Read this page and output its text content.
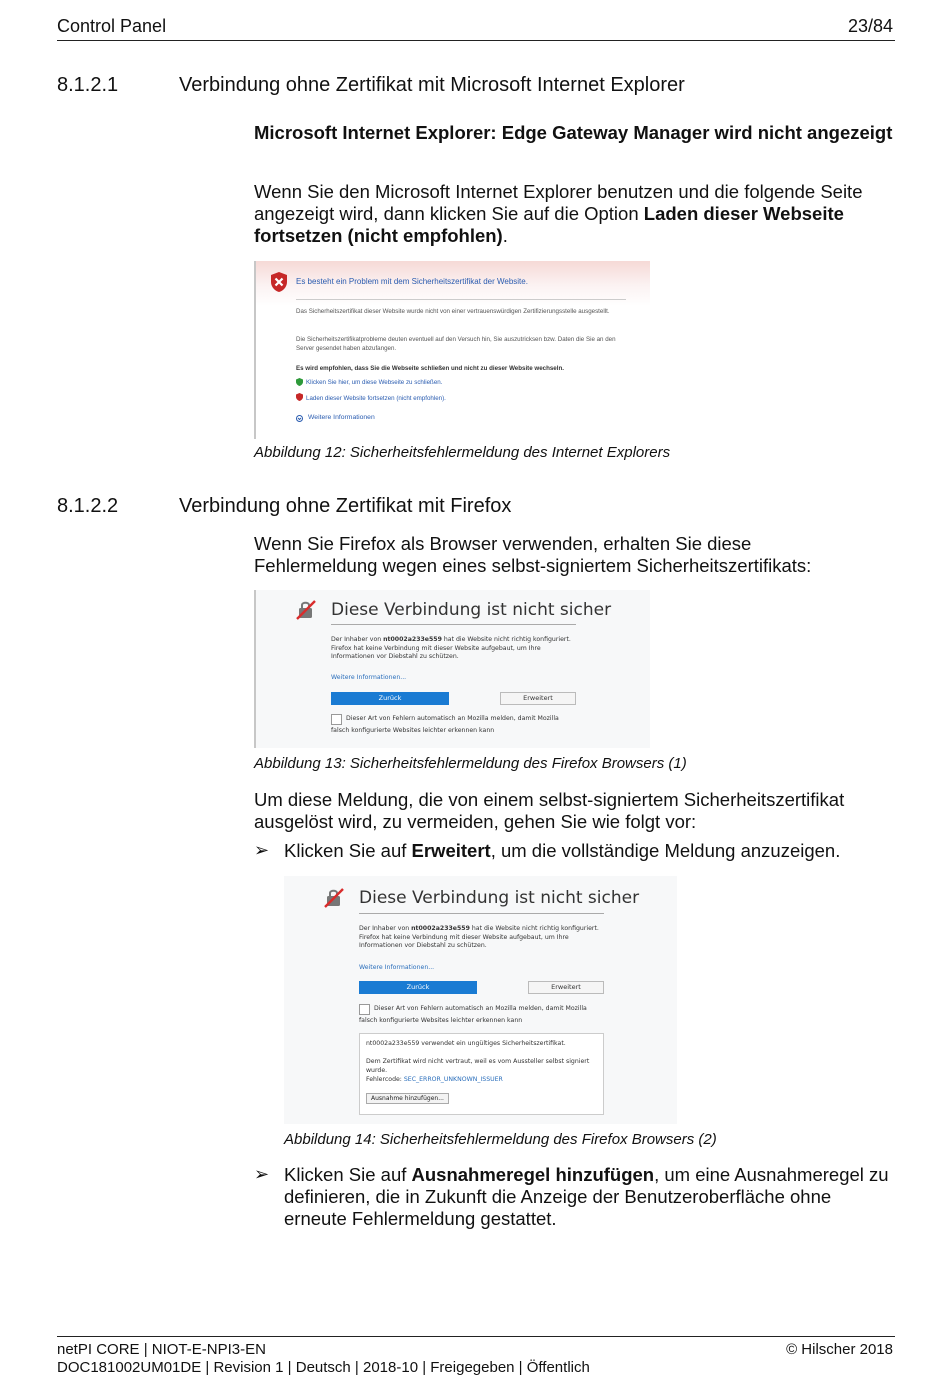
Control Panel	23/84
8.1.2.1	Verbindung ohne Zertifikat mit Microsoft Internet Explorer
Microsoft Internet Explorer: Edge Gateway Manager wird nicht angezeigt
Wenn Sie den Microsoft Internet Explorer benutzen und die folgende Seite angezeigt wird, dann klicken Sie auf die Option Laden dieser Webseite fortsetzen (nicht empfohlen).
Es besteht ein Problem mit dem Sicherheitszertifikat der Website.
Das Sicherheitszertifikat dieser Website wurde nicht von einer vertrauenswürdigen Zertifizierungsstelle ausgestellt.
Die Sicherheitszertifikatprobleme deuten eventuell auf den Versuch hin, Sie auszutricksen bzw. Daten die Sie an den Server gesendet haben abzufangen.
Es wird empfohlen, dass Sie die Webseite schließen und nicht zu dieser Website wechseln.
Klicken Sie hier, um diese Webseite zu schließen.
Laden dieser Website fortsetzen (nicht empfohlen).
Weitere Informationen
Abbildung 12: Sicherheitsfehlermeldung des Internet Explorers
8.1.2.2	Verbindung ohne Zertifikat mit Firefox
Wenn Sie Firefox als Browser verwenden, erhalten Sie diese Fehlermeldung wegen eines selbst-signiertem Sicherheitszertifikats:
Diese Verbindung ist nicht sicher
Der Inhaber von nt0002a233e559 hat die Website nicht richtig konfiguriert.
Firefox hat keine Verbindung mit dieser Website aufgebaut, um Ihre
Informationen vor Diebstahl zu schützen.
Weitere Informationen...
Zurück	Erweitert
Dieser Art von Fehlern automatisch an Mozilla melden, damit Mozilla
falsch konfigurierte Websites leichter erkennen kann
Abbildung 13: Sicherheitsfehlermeldung des Firefox Browsers (1)
Um diese Meldung, die von einem selbst-signiertem Sicherheitszertifikat ausgelöst wird, zu vermeiden, gehen Sie wie folgt vor:
➢ Klicken Sie auf Erweitert, um die vollständige Meldung anzuzeigen.
Diese Verbindung ist nicht sicher
Der Inhaber von nt0002a233e559 hat die Website nicht richtig konfiguriert.
Firefox hat keine Verbindung mit dieser Website aufgebaut, um Ihre
Informationen vor Diebstahl zu schützen.
Weitere Informationen...
Zurück	Erweitert
Dieser Art von Fehlern automatisch an Mozilla melden, damit Mozilla
falsch konfigurierte Websites leichter erkennen kann
nt0002a233e559 verwendet ein ungültiges Sicherheitszertifikat.
Dem Zertifikat wird nicht vertraut, weil es vom Aussteller selbst signiert wurde.
Fehlercode: SEC_ERROR_UNKNOWN_ISSUER
Ausnahme hinzufügen...
Abbildung 14: Sicherheitsfehlermeldung des Firefox Browsers (2)
➢ Klicken Sie auf Ausnahmeregel hinzufügen, um eine Ausnahmeregel zu definieren, die in Zukunft die Anzeige der Benutzeroberfläche ohne erneute Fehlermeldung gestattet.
netPI CORE | NIOT-E-NPI3-EN	© Hilscher 2018
DOC181002UM01DE | Revision 1 | Deutsch | 2018-10 | Freigegeben | Öffentlich
